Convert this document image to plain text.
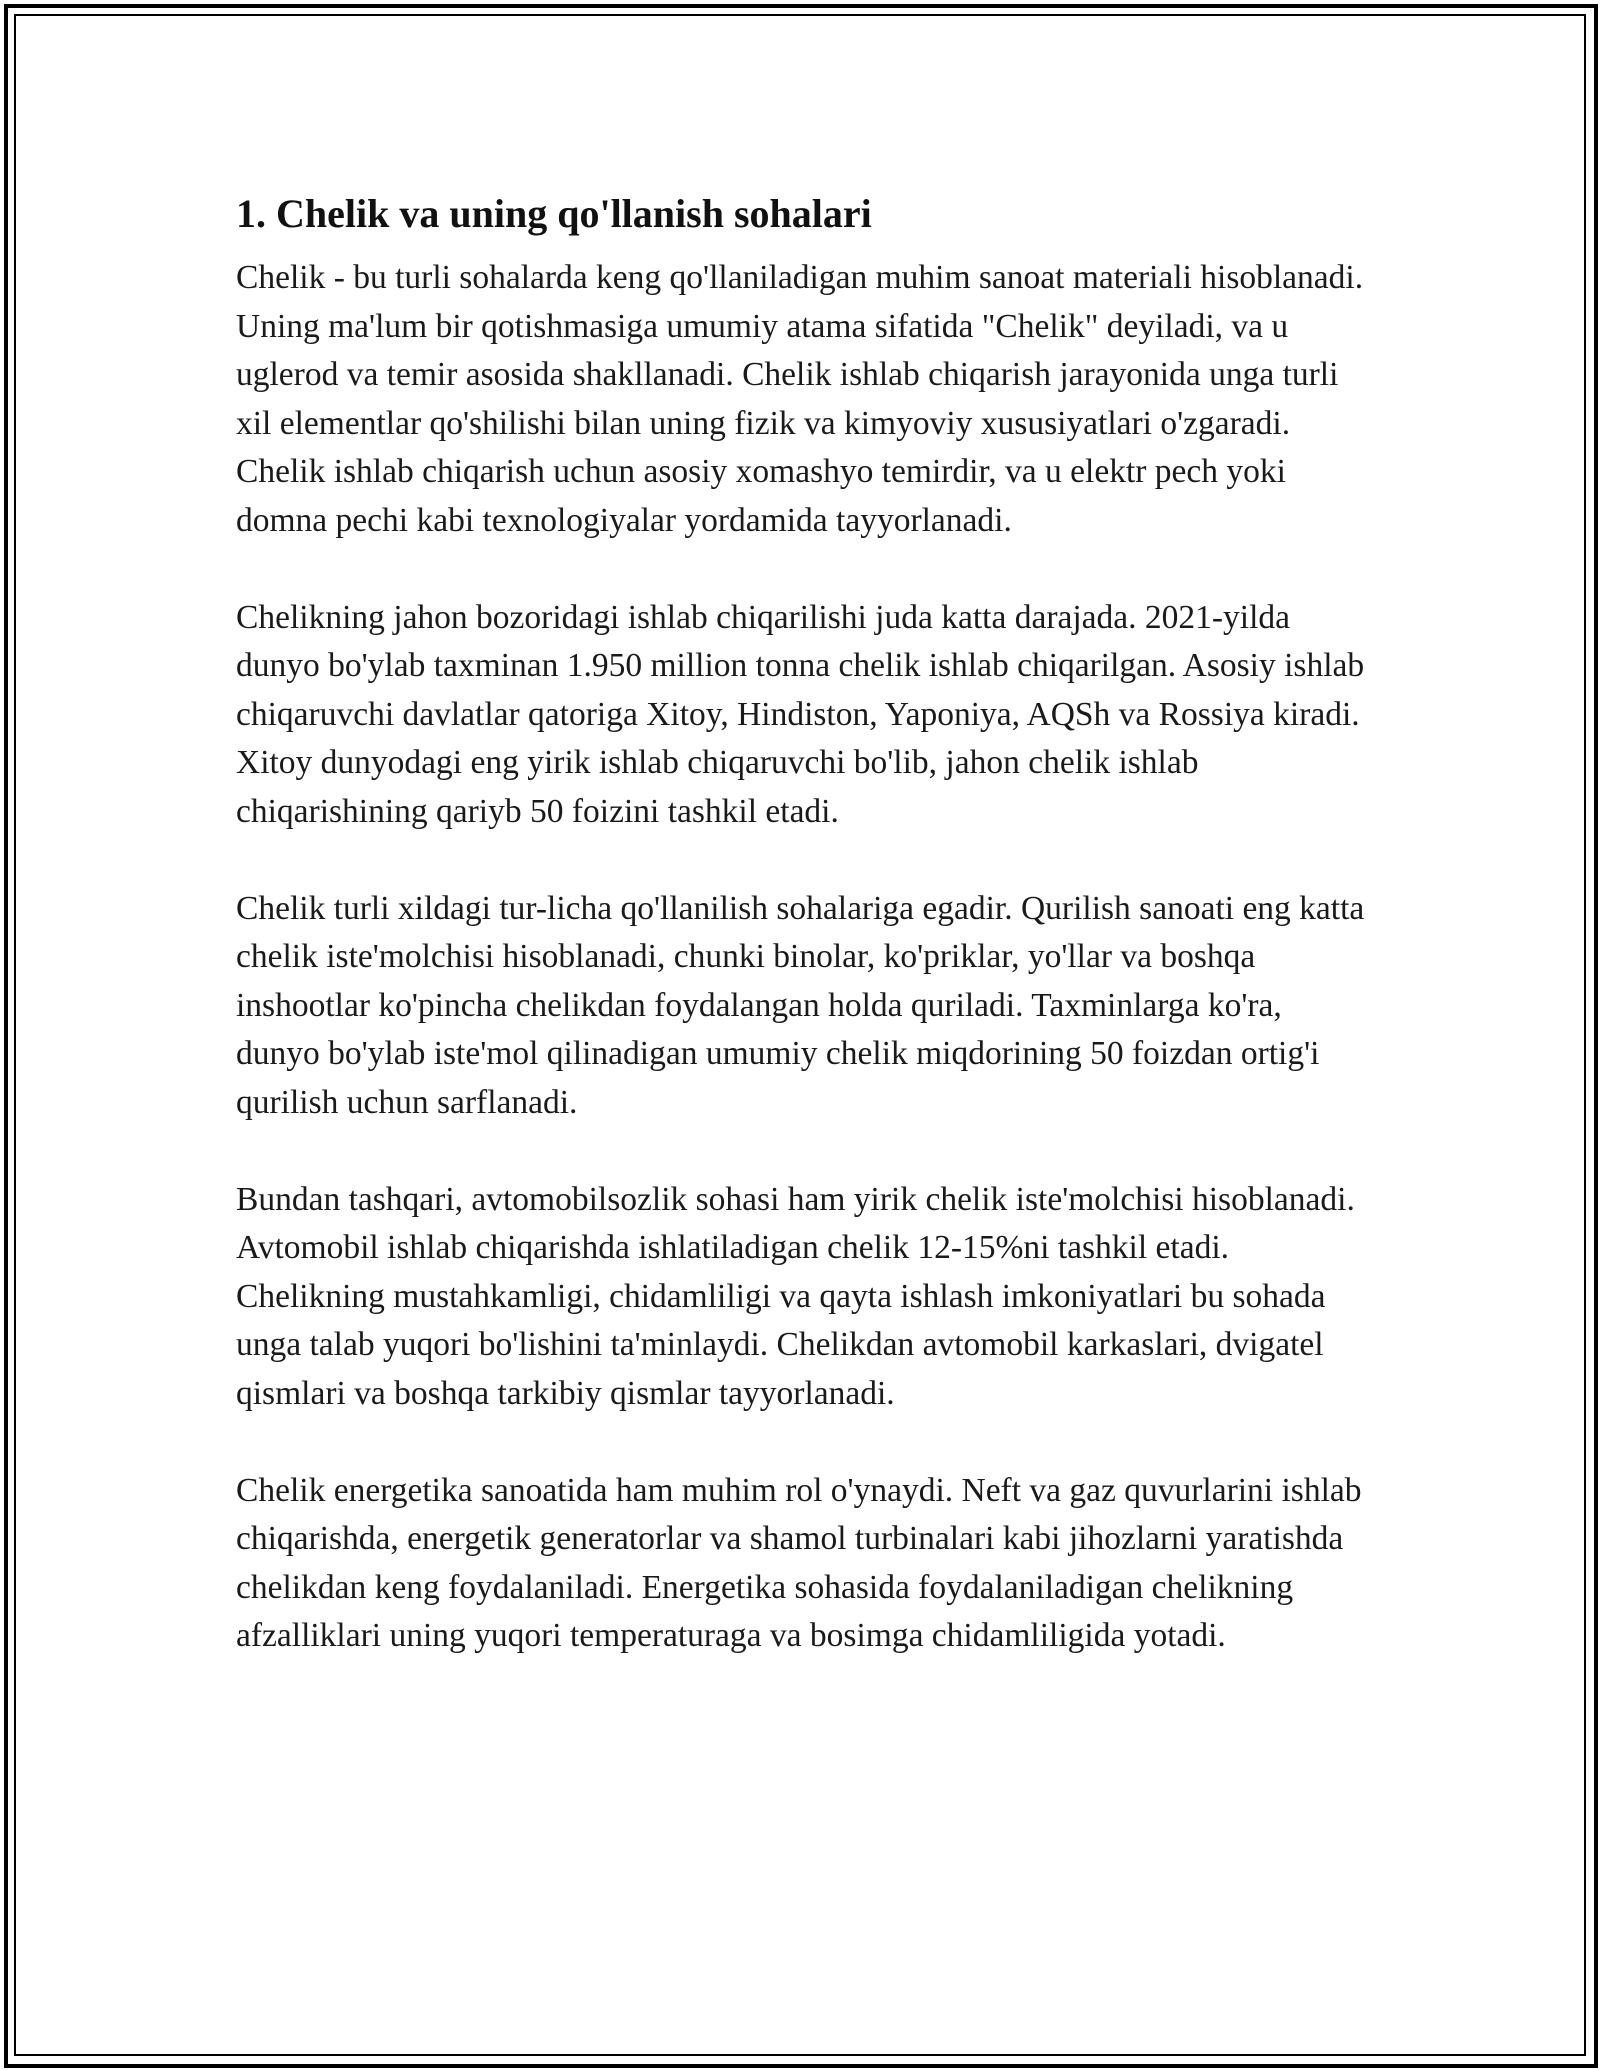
1. Chelik va uning qo'llanish sohalari

Chelik - bu turli sohalarda keng qo'llaniladigan muhim sanoat materiali hisoblanadi. Uning ma'lum bir qotishmasiga umumiy atama sifatida "Chelik" deyiladi, va u uglerod va temir asosida shakllanadi. Chelik ishlab chiqarish jarayonida unga turli xil elementlar qo'shilishi bilan uning fizik va kimyoviy xususiyatlari o'zgaradi. Chelik ishlab chiqarish uchun asosiy xomashyo temirdir, va u elektr pech yoki domna pechi kabi texnologiyalar yordamida tayyorlanadi.

Chelikning jahon bozoridagi ishlab chiqarilishi juda katta darajada. 2021-yilda dunyo bo'ylab taxminan 1.950 million tonna chelik ishlab chiqarilgan. Asosiy ishlab chiqaruvchi davlatlar qatoriga Xitoy, Hindiston, Yaponiya, AQSh va Rossiya kiradi. Xitoy dunyodagi eng yirik ishlab chiqaruvchi bo'lib, jahon chelik ishlab chiqarishining qariyb 50 foizini tashkil etadi.

Chelik turli xildagi tur-licha qo'llanilish sohalariga egadir. Qurilish sanoati eng katta chelik iste'molchisi hisoblanadi, chunki binolar, ko'priklar, yo'llar va boshqa inshootlar ko'pincha chelikdan foydalangan holda quriladi. Taxminlarga ko'ra, dunyo bo'ylab iste'mol qilinadigan umumiy chelik miqdorining 50 foizdan ortig'i qurilish uchun sarflanadi.

Bundan tashqari, avtomobilsozlik sohasi ham yirik chelik iste'molchisi hisoblanadi. Avtomobil ishlab chiqarishda ishlatiladigan chelik 12-15%ni tashkil etadi. Chelikning mustahkamligi, chidamliligi va qayta ishlash imkoniyatlari bu sohada unga talab yuqori bo'lishini ta'minlaydi. Chelikdan avtomobil karkaslari, dvigatel qismlari va boshqa tarkibiy qismlar tayyorlanadi.

Chelik energetika sanoatida ham muhim rol o'ynaydi. Neft va gaz quvurlarini ishlab chiqarishda, energetik generatorlar va shamol turbinalari kabi jihozlarni yaratishda chelikdan keng foydalaniladi. Energetika sohasida foydalaniladigan chelikning afzalliklari uning yuqori temperaturaga va bosimga chidamliligida yotadi.
